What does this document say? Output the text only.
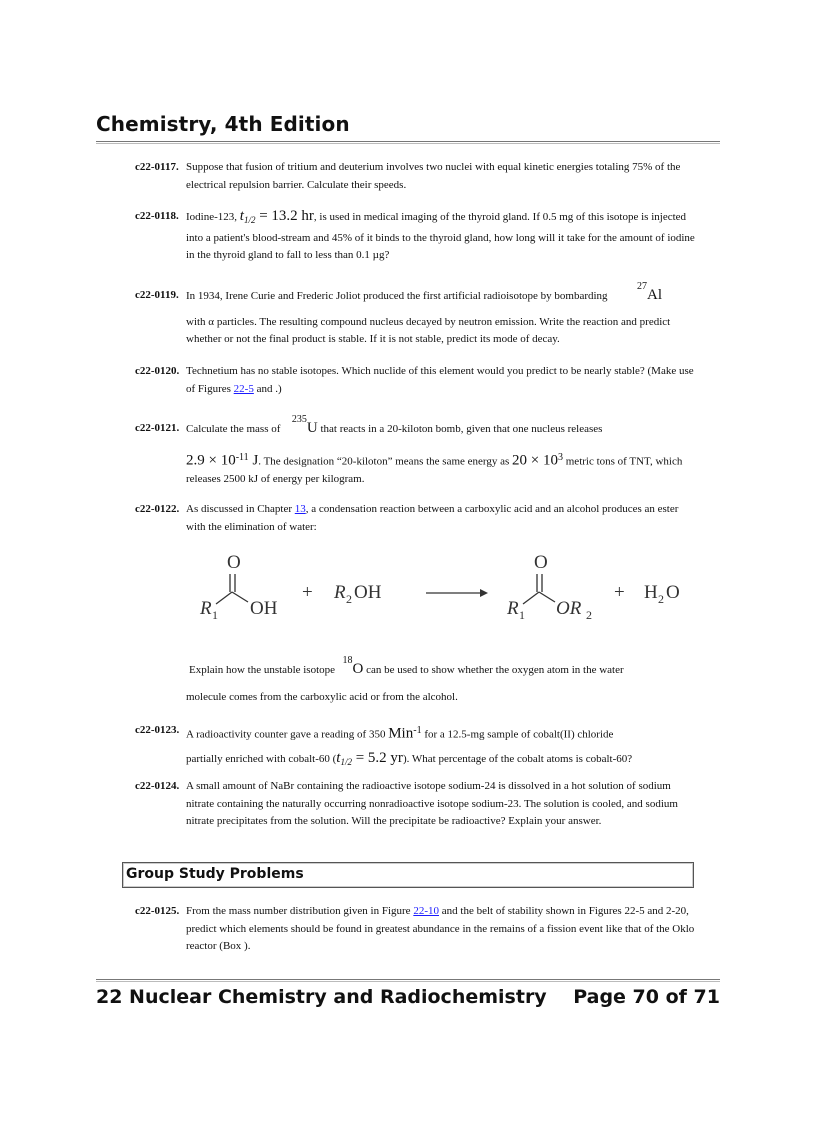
Chemistry, 4th Edition
c22-0117. Suppose that fusion of tritium and deuterium involves two nuclei with equal kinetic energies totaling 75% of the electrical repulsion barrier. Calculate their speeds.
c22-0118. Iodine-123, $t_{1/2} = 13.2$ hr, is used in medical imaging of the thyroid gland. If 0.5 mg of this isotope is injected into a patient's blood-stream and 45% of it binds to the thyroid gland, how long will it take for the amount of iodine in the thyroid gland to fall to less than 0.1 µg?
c22-0119. In 1934, Irene Curie and Frederic Joliot produced the first artificial radioisotope by bombarding  27Al
with α particles. The resulting compound nucleus decayed by neutron emission. Write the reaction and predict whether or not the final product is stable. If it is not stable, predict its mode of decay.
c22-0120. Technetium has no stable isotopes. Which nuclide of this element would you predict to be nearly stable? (Make use of Figures 22-5 and .)
c22-0121. Calculate the mass of  235U that reacts in a 20-kiloton bomb, given that one nucleus releases
$2.9 \times 10^{-11}$ J. The designation “20-kiloton” means the same energy as $20 \times 10^3$ metric tons of TNT, which releases 2500 kJ of energy per kilogram.
c22-0122. As discussed in Chapter 13, a condensation reaction between a carboxylic acid and an alcohol produces an ester with the elimination of water:
O
R 1 OH
+ R 2 OH
O
R 1 OR 2
+ H 2 O
Explain how the unstable isotope  18O can be used to show whether the oxygen atom in the water
molecule comes from the carboxylic acid or from the alcohol.
c22-0123. A radioactivity counter gave a reading of 350 Min$^{-1}$ for a 12.5-mg sample of cobalt(II) chloride
partially enriched with cobalt-60 ($t_{1/2} = 5.2$ yr). What percentage of the cobalt atoms is cobalt-60?
c22-0124. A small amount of NaBr containing the radioactive isotope sodium-24 is dissolved in a hot solution of sodium nitrate containing the naturally occurring nonradioactive isotope sodium-23. The solution is cooled, and sodium nitrate precipitates from the solution. Will the precipitate be radioactive? Explain your answer.
Group Study Problems
c22-0125. From the mass number distribution given in Figure 22-10 and the belt of stability shown in Figures 22-5 and 2-20, predict which elements should be found in greatest abundance in the remains of a fission event like that of the Oklo reactor (Box ).
22 Nuclear Chemistry and Radiochemistry Page 70 of 71
